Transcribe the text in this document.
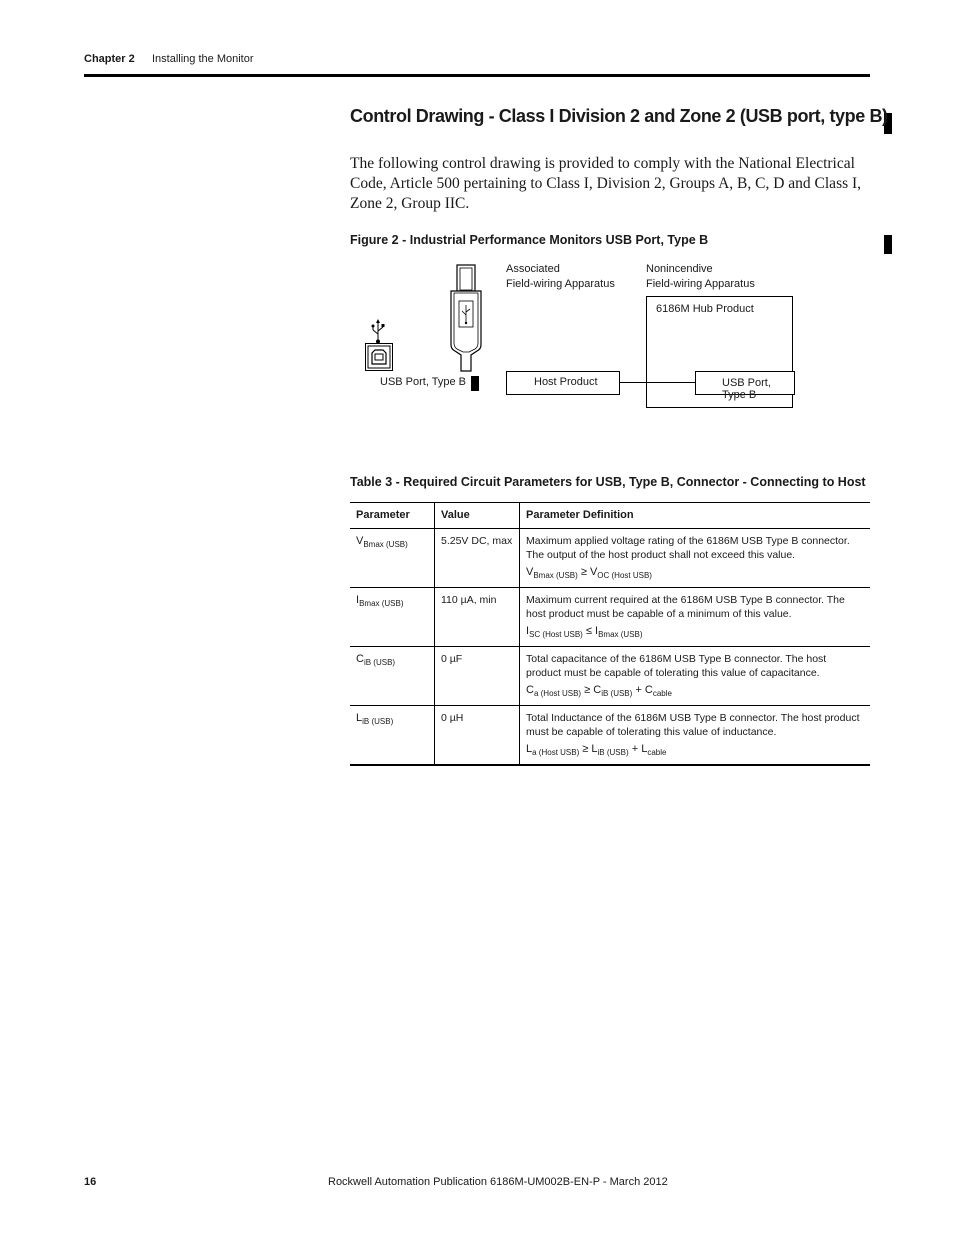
Chapter 2 Installing the Monitor
Control Drawing - Class I Division 2 and Zone 2 (USB port, type B)
The following control drawing is provided to comply with the National Electrical Code, Article 500 pertaining to Class I, Division 2, Groups A, B, C, D and Class I, Zone 2, Group IIC.
Figure 2 - Industrial Performance Monitors USB Port, Type B
USB Port, Type B
Associated
Field-wiring Apparatus
Nonincendive
Field-wiring Apparatus
6186M Hub Product
Host Product	USB Port, Type B
Table 3 - Required Circuit Parameters for USB, Type B, Connector - Connecting to Host
Parameter	Value	Parameter Definition
$V_{Bmax (USB)}$	5.25V DC, max	Maximum applied voltage rating of the 6186M USB Type B connector. The output of the host product shall not exceed this value.
$V_{Bmax (USB)} \ge V_{OC (Host USB)}$

$I_{Bmax (USB)}$	110 µA, min	Maximum current required at the 6186M USB Type B connector. The host product must be capable of a minimum of this value.
$I_{SC (Host USB)} \le I_{Bmax (USB)}$

$C_{iB (USB)}$	0 µF	Total capacitance of the 6186M USB Type B connector. The host product must be capable of tolerating this value of capacitance.
$C_{a (Host USB)} \ge C_{iB (USB)} + C_{cable}$

$L_{iB (USB)}$	0 µH	Total Inductance of the 6186M USB Type B connector. The host product must be capable of tolerating this value of inductance.
$L_{a (Host USB)} \ge L_{iB (USB)} + L_{cable}$
16	Rockwell Automation Publication 6186M-UM002B-EN-P - March 2012
